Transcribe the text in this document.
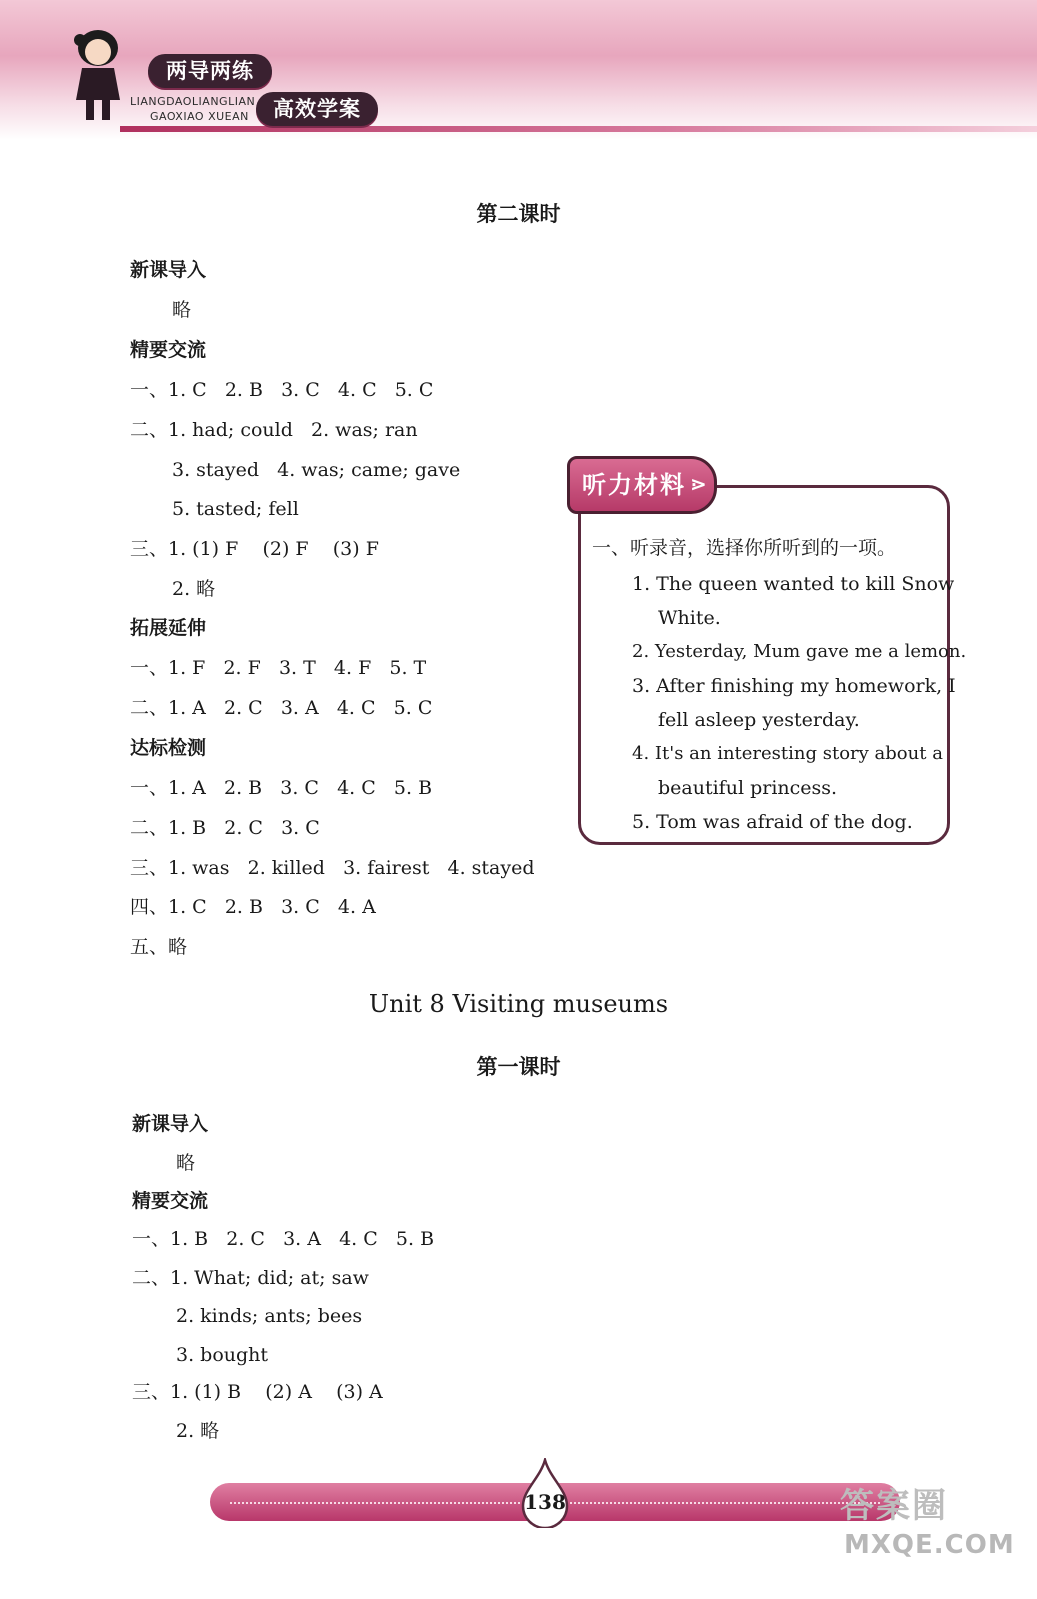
两导两练
LIANGDAOLIANGLIAN
GAOXIAO XUEAN	高效学案
第二课时
新课导入
略
精要交流
一、1. C   2. B   3. C   4. C   5. C
二、1. had; could   2. was; ran
3. stayed   4. was; came; gave
5. tasted; fell
三、1. (1) F    (2) F    (3) F
2. 略
拓展延伸
一、1. F   2. F   3. T   4. F   5. T
二、1. A   2. C   3. A   4. C   5. C
达标检测
一、1. A   2. B   3. C   4. C   5. B
二、1. B   2. C   3. C
三、1. was   2. killed   3. fairest   4. stayed
四、1. C   2. B   3. C   4. A
五、略
听力材料 ⋗
一、听录音，选择你所听到的一项。
1. The queen wanted to kill Snow
White.
2. Yesterday, Mum gave me a lemon.
3. After finishing my homework, I
fell asleep yesterday.
4. It's an interesting story about a
beautiful princess.
5. Tom was afraid of the dog.
Unit 8 Visiting museums
第一课时
新课导入
略
精要交流
一、1. B   2. C   3. A   4. C   5. B
二、1. What; did; at; saw
2. kinds; ants; bees
3. bought
三、1. (1) B    (2) A    (3) A
2. 略
138	答案圈
MXQE.COM
